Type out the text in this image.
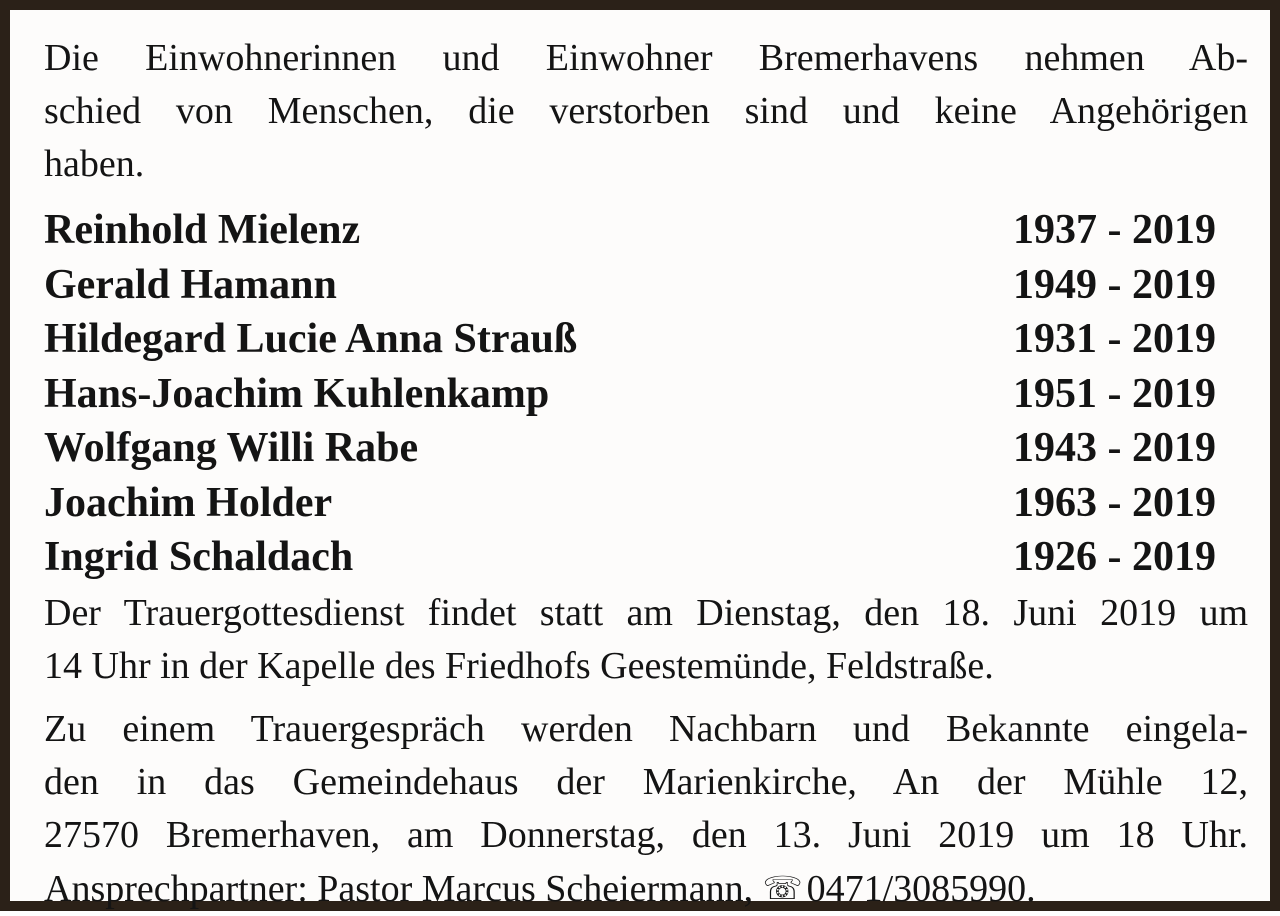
Die Einwohnerinnen und Einwohner Bremerhavens nehmen Ab-
schied von Menschen, die verstorben sind und keine Angehörigen
haben.

Reinhold Mielenz	1937 - 2019
Gerald Hamann	1949 - 2019
Hildegard Lucie Anna Strauß	1931 - 2019
Hans-Joachim Kuhlenkamp	1951 - 2019
Wolfgang Willi Rabe	1943 - 2019
Joachim Holder	1963 - 2019
Ingrid Schaldach	1926 - 2019

Der Trauergottesdienst findet statt am Dienstag, den 18. Juni 2019 um
14 Uhr in der Kapelle des Friedhofs Geestemünde, Feldstraße.

Zu einem Trauergespräch werden Nachbarn und Bekannte eingela-
den in das Gemeindehaus der Marienkirche, An der Mühle 12,
27570 Bremerhaven, am Donnerstag, den 13. Juni 2019 um 18 Uhr.
Ansprechpartner: Pastor Marcus Scheiermann, ☏ 0471/3085990.
